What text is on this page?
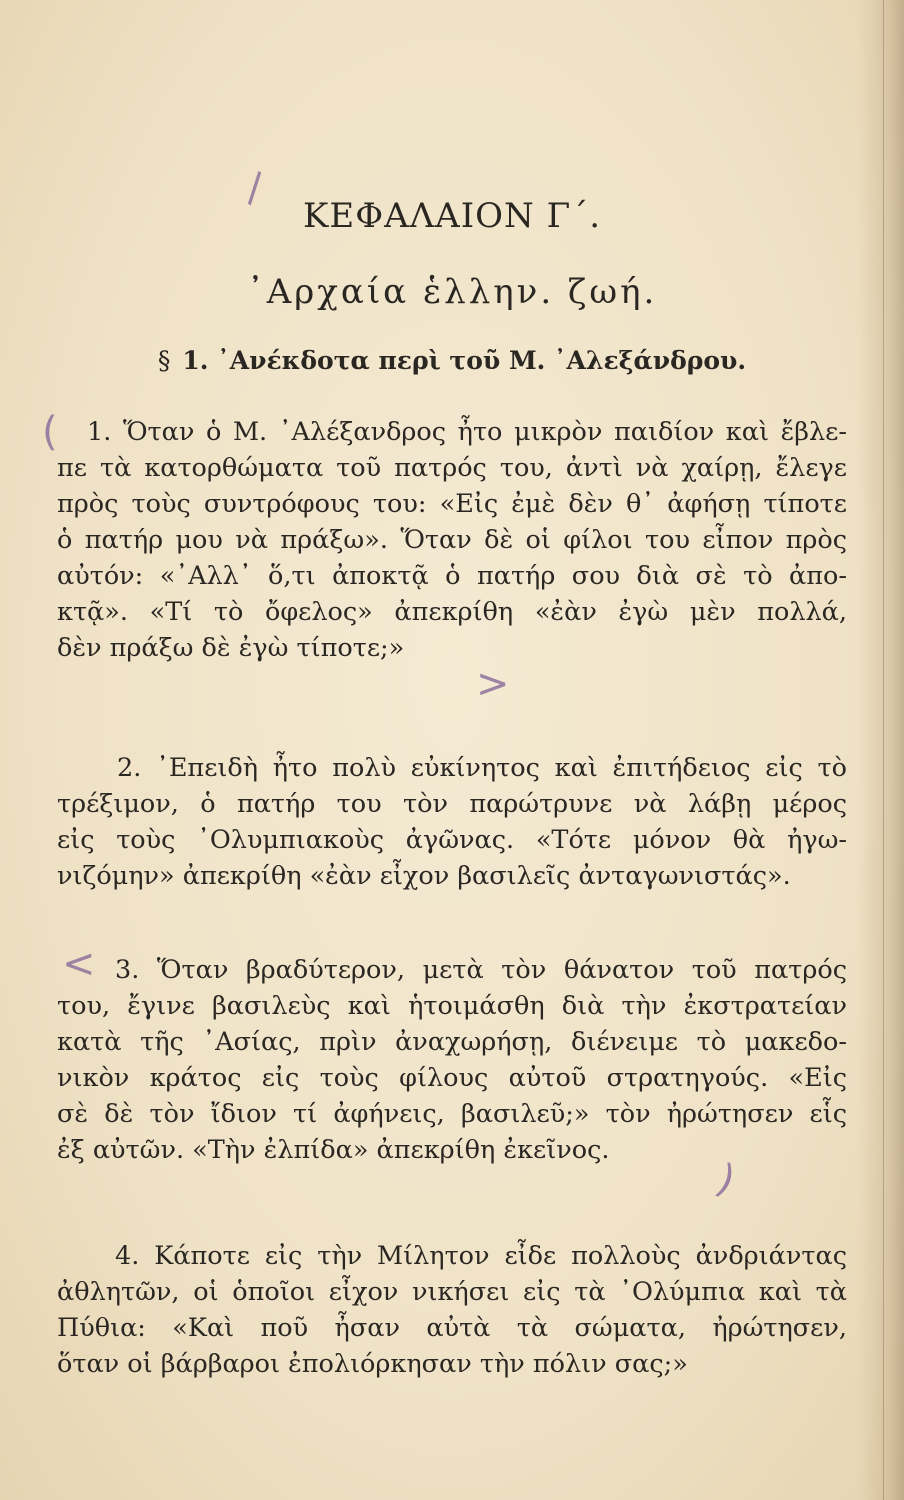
\
(
>
<
)
ΚΕΦΑΛΑΙΟΝ Γ΄.
᾿Αρχαία ἑλλην. ζωή.
§ 1. ᾿Ανέκδοτα περὶ τοῦ Μ. ᾿Αλεξάνδρου.
1. Ὅταν ὁ Μ. ᾿Αλέξανδρος ἦτο μικρὸν παιδίον καὶ ἔβλε-
πε τὰ κατορθώματα τοῦ πατρός του, ἀντὶ νὰ χαίρῃ, ἔλεγε
πρὸς τοὺς συντρόφους του: «Εἰς ἐμὲ δὲν θ᾿ ἀφήσῃ τίποτε
ὁ πατήρ μου νὰ πράξω». Ὅταν δὲ οἱ φίλοι του εἶπον πρὸς
αὐτόν: «᾿Αλλ᾿ ὅ,τι ἀποκτᾷ ὁ πατήρ σου διὰ σὲ τὸ ἀπο-
κτᾷ». «Τί τὸ ὄφελος» ἀπεκρίθη «ἐὰν ἐγὼ μὲν πολλά,
δὲν πράξω δὲ ἐγὼ τίποτε;»
2. ᾿Επειδὴ ἦτο πολὺ εὐκίνητος καὶ ἐπιτήδειος εἰς τὸ
τρέξιμον, ὁ πατήρ του τὸν παρώτρυνε νὰ λάβῃ μέρος
εἰς τοὺς ᾿Ολυμπιακοὺς ἀγῶνας. «Τότε μόνον θὰ ἠγω-
νιζόμην» ἀπεκρίθη «ἐὰν εἶχον βασιλεῖς ἀνταγωνιστάς».
3. Ὅταν βραδύτερον, μετὰ τὸν θάνατον τοῦ πατρός
του, ἔγινε βασιλεὺς καὶ ἡτοιμάσθη διὰ τὴν ἐκστρατείαν
κατὰ τῆς ᾿Ασίας, πρὶν ἀναχωρήσῃ, διένειμε τὸ μακεδο-
νικὸν κράτος εἰς τοὺς φίλους αὐτοῦ στρατηγούς. «Εἰς
σὲ δὲ τὸν ἴδιον τί ἀφήνεις, βασιλεῦ;» τὸν ἠρώτησεν εἷς
ἐξ αὐτῶν. «Τὴν ἐλπίδα» ἀπεκρίθη ἐκεῖνος.
4. Κάποτε εἰς τὴν Μίλητον εἶδε πολλοὺς ἀνδριάντας
ἀθλητῶν, οἱ ὁποῖοι εἶχον νικήσει εἰς τὰ ᾿Ολύμπια καὶ τὰ
Πύθια: «Καὶ ποῦ ἦσαν αὐτὰ τὰ σώματα, ἠρώτησεν,
ὅταν οἱ βάρβαροι ἐπολιόρκησαν τὴν πόλιν σας;»
